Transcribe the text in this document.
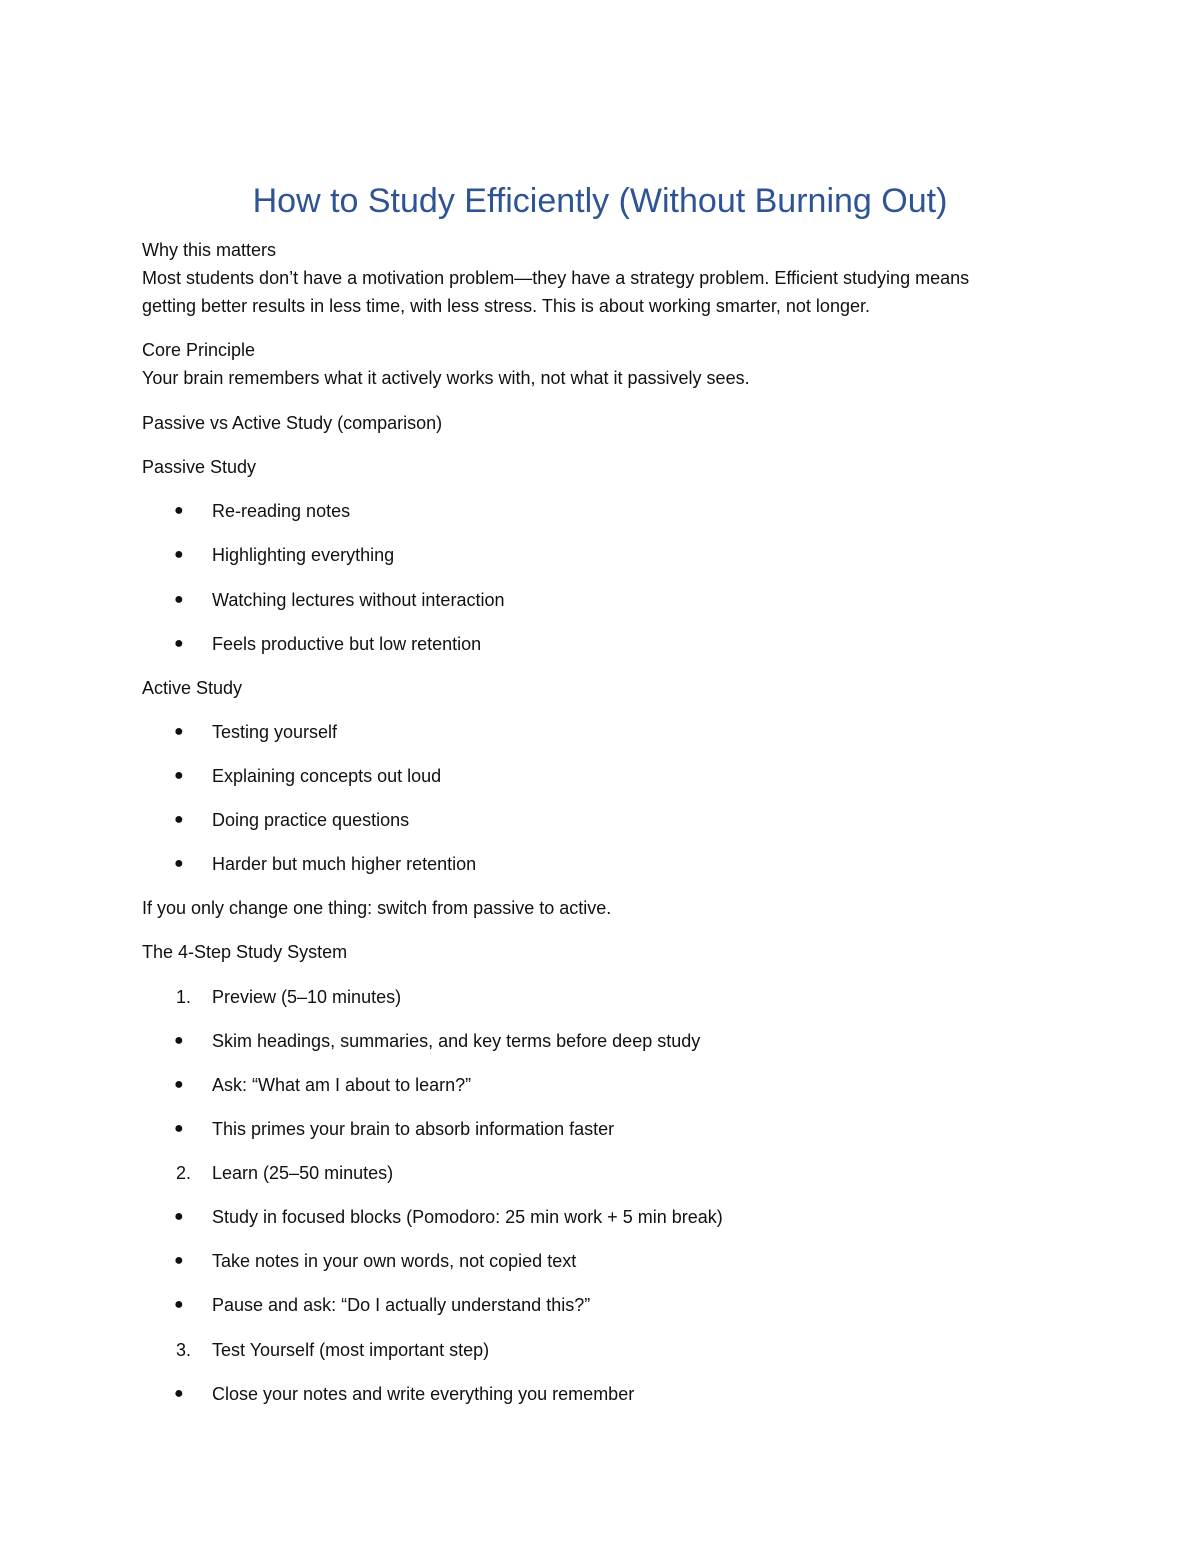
How to Study Efficiently (Without Burning Out)
Why this matters
Most students don’t have a motivation problem—they have a strategy problem. Efficient studying means
getting better results in less time, with less stress. This is about working smarter, not longer.
Core Principle
Your brain remembers what it actively works with, not what it passively sees.
Passive vs Active Study (comparison)
Passive Study
● Re-reading notes
● Highlighting everything
● Watching lectures without interaction
● Feels productive but low retention
Active Study
● Testing yourself
● Explaining concepts out loud
● Doing practice questions
● Harder but much higher retention
If you only change one thing: switch from passive to active.
The 4-Step Study System
1. Preview (5–10 minutes)
● Skim headings, summaries, and key terms before deep study
● Ask: “What am I about to learn?”
● This primes your brain to absorb information faster
2. Learn (25–50 minutes)
● Study in focused blocks (Pomodoro: 25 min work + 5 min break)
● Take notes in your own words, not copied text
● Pause and ask: “Do I actually understand this?”
3. Test Yourself (most important step)
● Close your notes and write everything you remember
